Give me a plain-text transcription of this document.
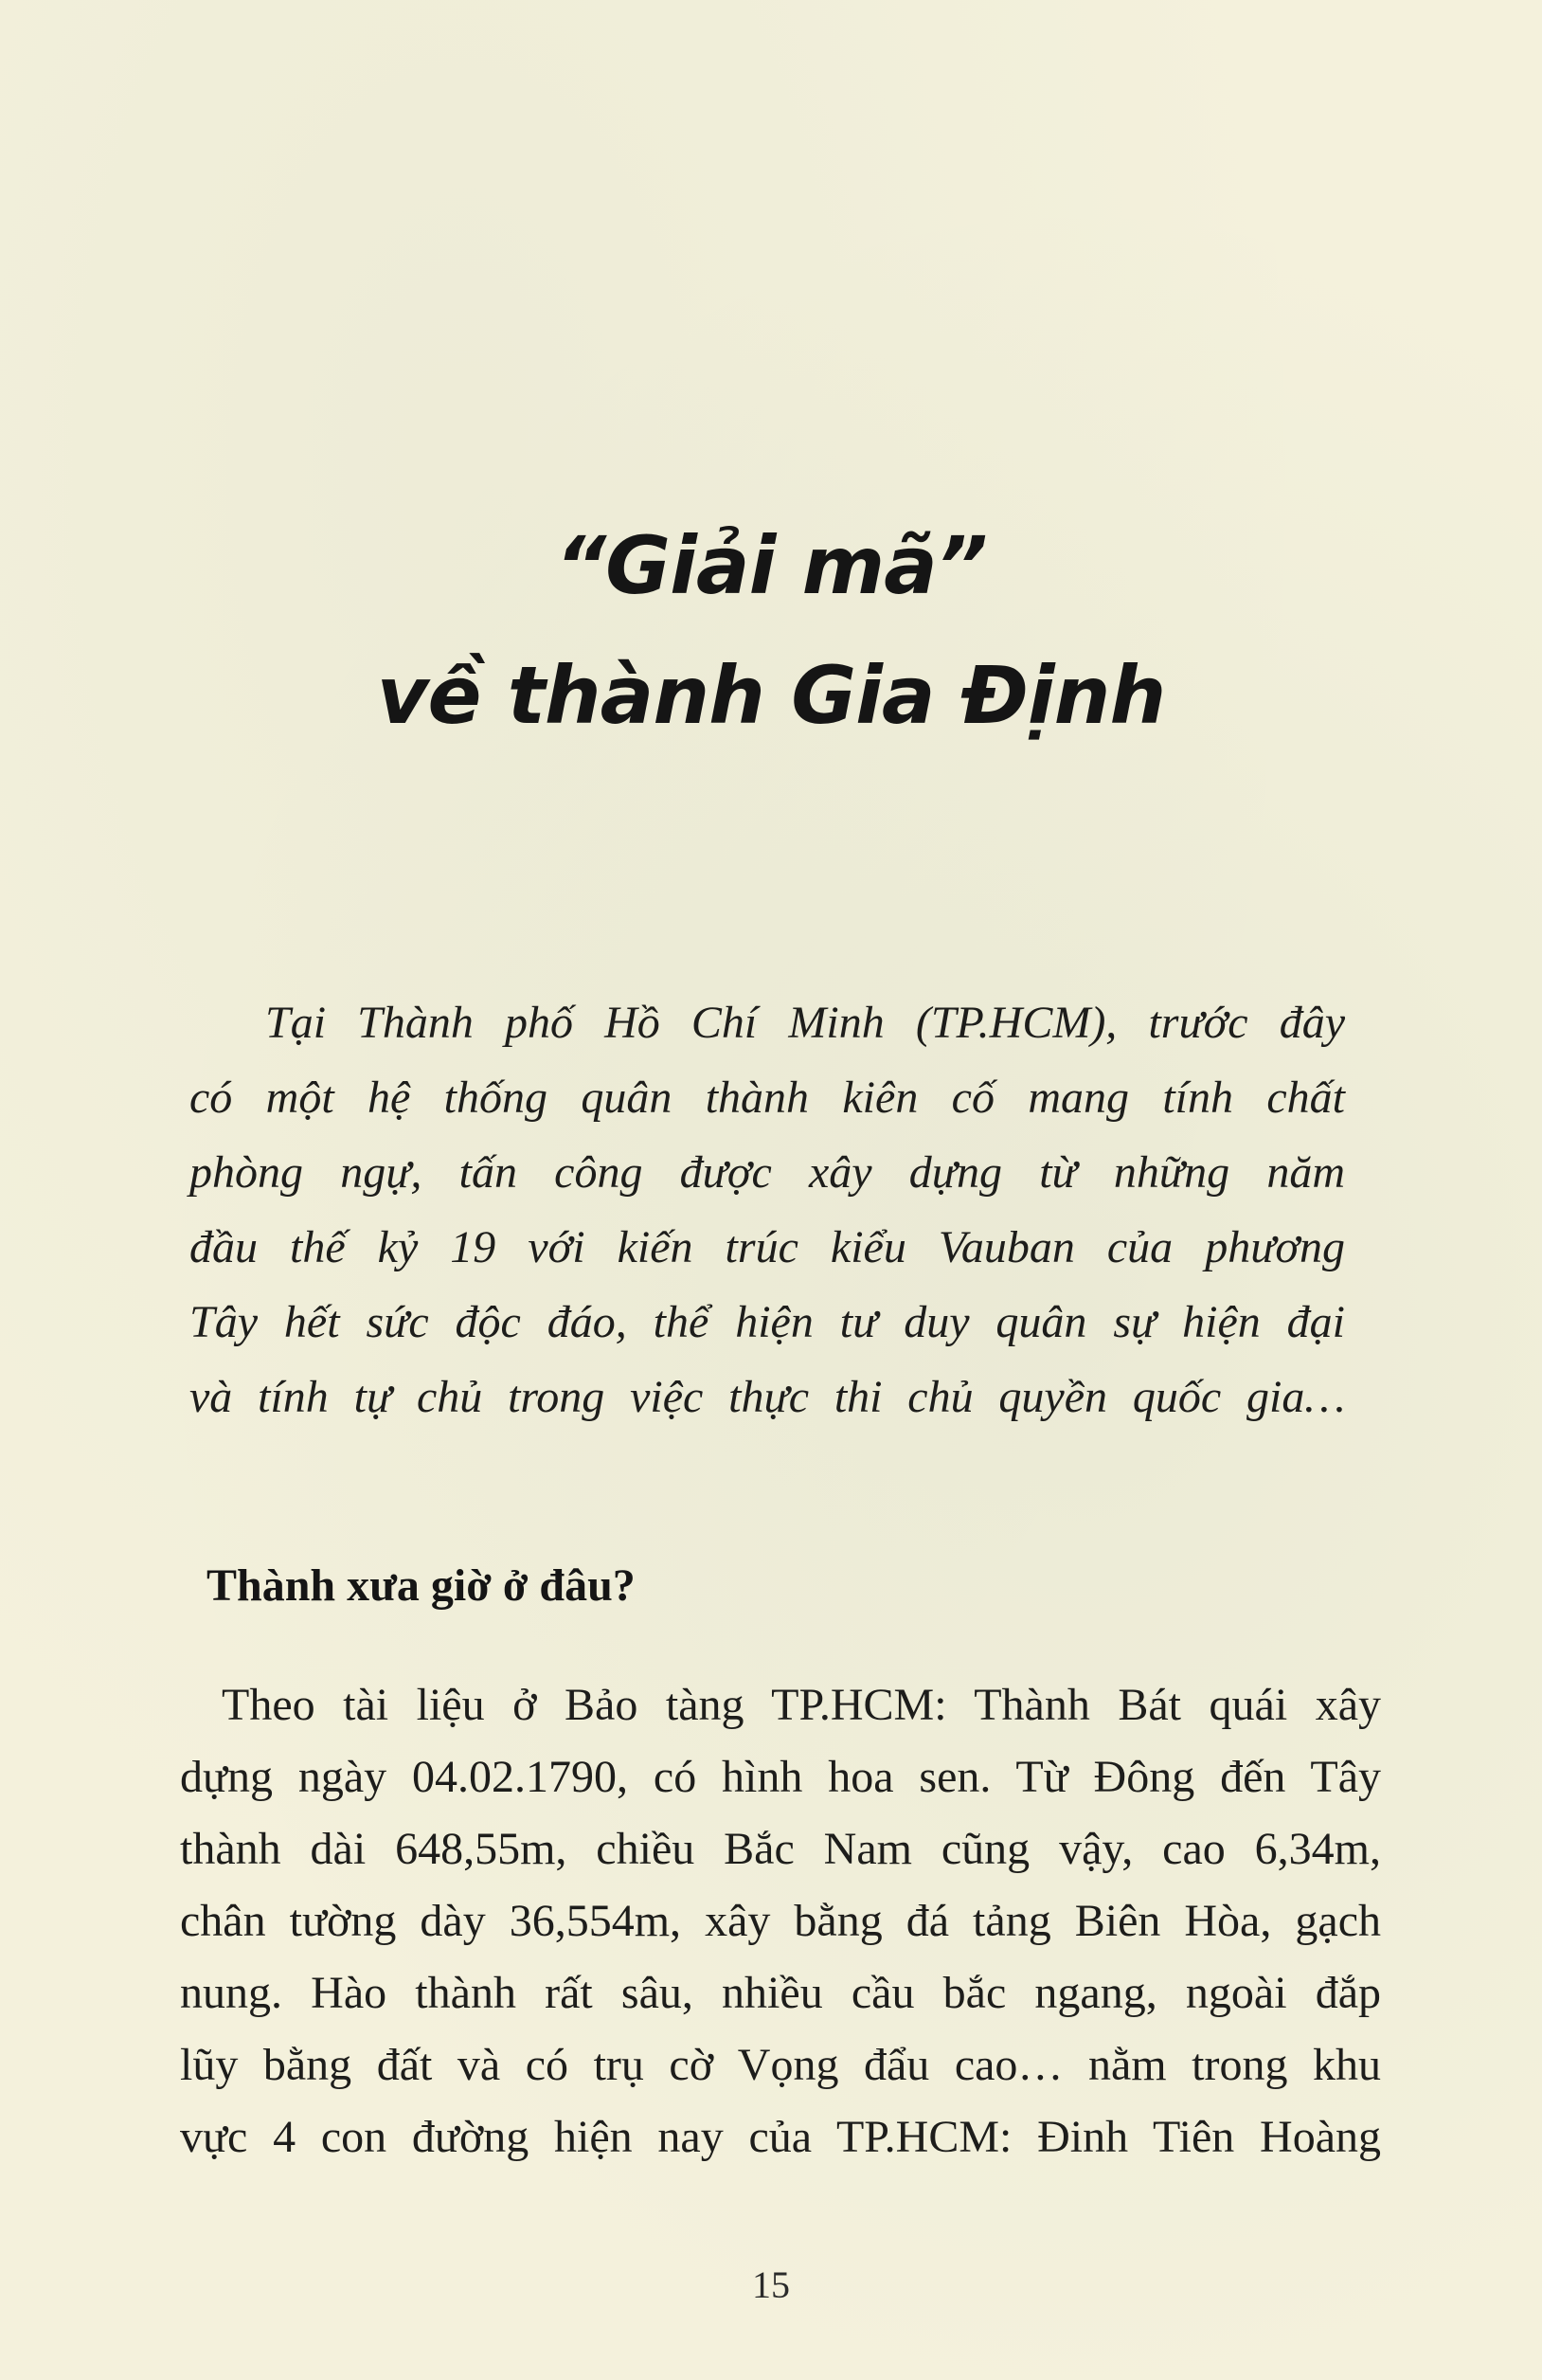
“Giải mã”
về thành Gia Định
Tại Thành phố Hồ Chí Minh (TP.HCM), trước đây
có một hệ thống quân thành kiên cố mang tính chất
phòng ngự, tấn công được xây dựng từ những năm
đầu thế kỷ 19 với kiến trúc kiểu Vauban của phương
Tây hết sức độc đáo, thể hiện tư duy quân sự hiện đại
và tính tự chủ trong việc thực thi chủ quyền quốc gia…
Thành xưa giờ ở đâu?
Theo tài liệu ở Bảo tàng TP.HCM: Thành Bát quái xây
dựng ngày 04.02.1790, có hình hoa sen. Từ Đông đến Tây
thành dài 648,55m, chiều Bắc Nam cũng vậy, cao 6,34m,
chân tường dày 36,554m, xây bằng đá tảng Biên Hòa, gạch
nung. Hào thành rất sâu, nhiều cầu bắc ngang, ngoài đắp
lũy bằng đất và có trụ cờ Vọng đẩu cao… nằm trong khu
vực 4 con đường hiện nay của TP.HCM: Đinh Tiên Hoàng
15
